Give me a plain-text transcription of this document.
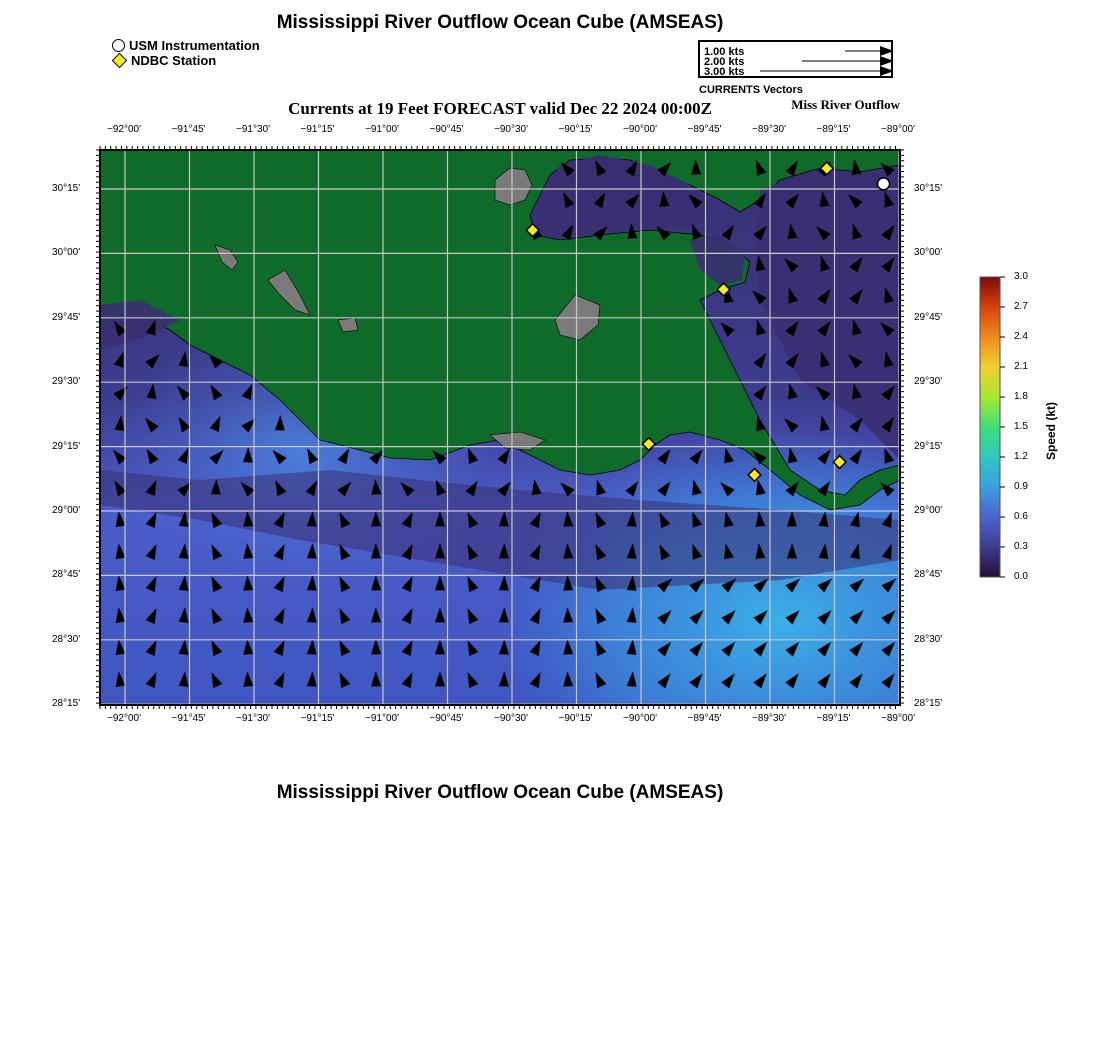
Mississippi River Outflow Ocean Cube (AMSEAS)
USM Instrumentation
NDBC Station
1.00 kts
2.00 kts
3.00 kts
CURRENTS Vectors
Currents at 19 Feet FORECAST valid Dec 22 2024 00:00Z	Miss River Outflow
−92°00'
−92°00'
−91°45'
−91°45'
−91°30'
−91°30'
−91°15'
−91°15'
−91°00'
−91°00'
−90°45'
−90°45'
−90°30'
−90°30'
−90°15'
−90°15'
−90°00'
−90°00'
−89°45'
−89°45'
−89°30'
−89°30'
−89°15'
−89°15'
−89°00'
−89°00'
30°15'	30°15'
30°00'	30°00'
29°45'	29°45'
29°30'	29°30'
29°15'	29°15'
29°00'	29°00'
28°45'	28°45'
28°30'	28°30'
28°15'	28°15'
3.0
2.7
2.4
2.1
1.8
1.5
1.2
0.9
0.6
0.3
0.0
Speed (kt)
Mississippi River Outflow Ocean Cube (AMSEAS)
